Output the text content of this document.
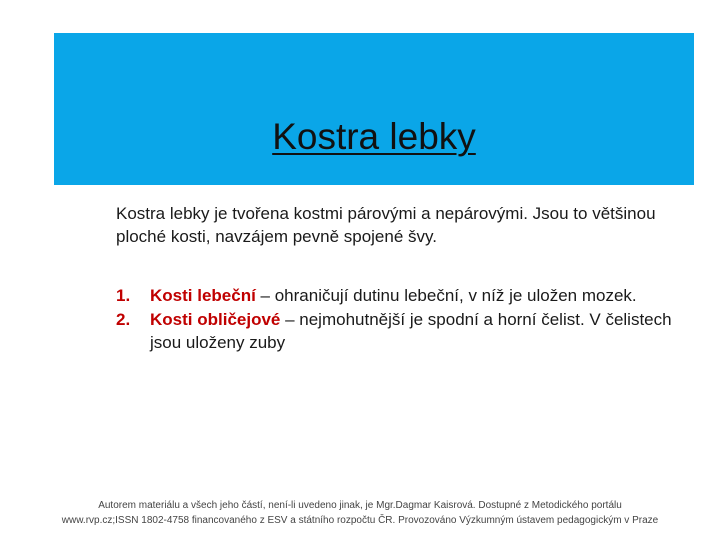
Kostra lebky

Kostra lebky je tvořena kostmi párovými a nepárovými. Jsou to většinou ploché kosti, navzájem pevně spojené švy.

1. Kosti lebeční – ohraničují dutinu lebeční, v níž je uložen mozek.
2. Kosti obličejové – nejmohutnější je spodní a horní čelist. V čelistech jsou uloženy zuby
Autorem materiálu a všech jeho částí, není-li uvedeno jinak, je Mgr.Dagmar Kaisrová. Dostupné z Metodického portálu
www.rvp.cz;ISSN 1802-4758 financovaného z ESV a státního rozpočtu ČR. Provozováno Výzkumným ústavem pedagogickým v Praze
